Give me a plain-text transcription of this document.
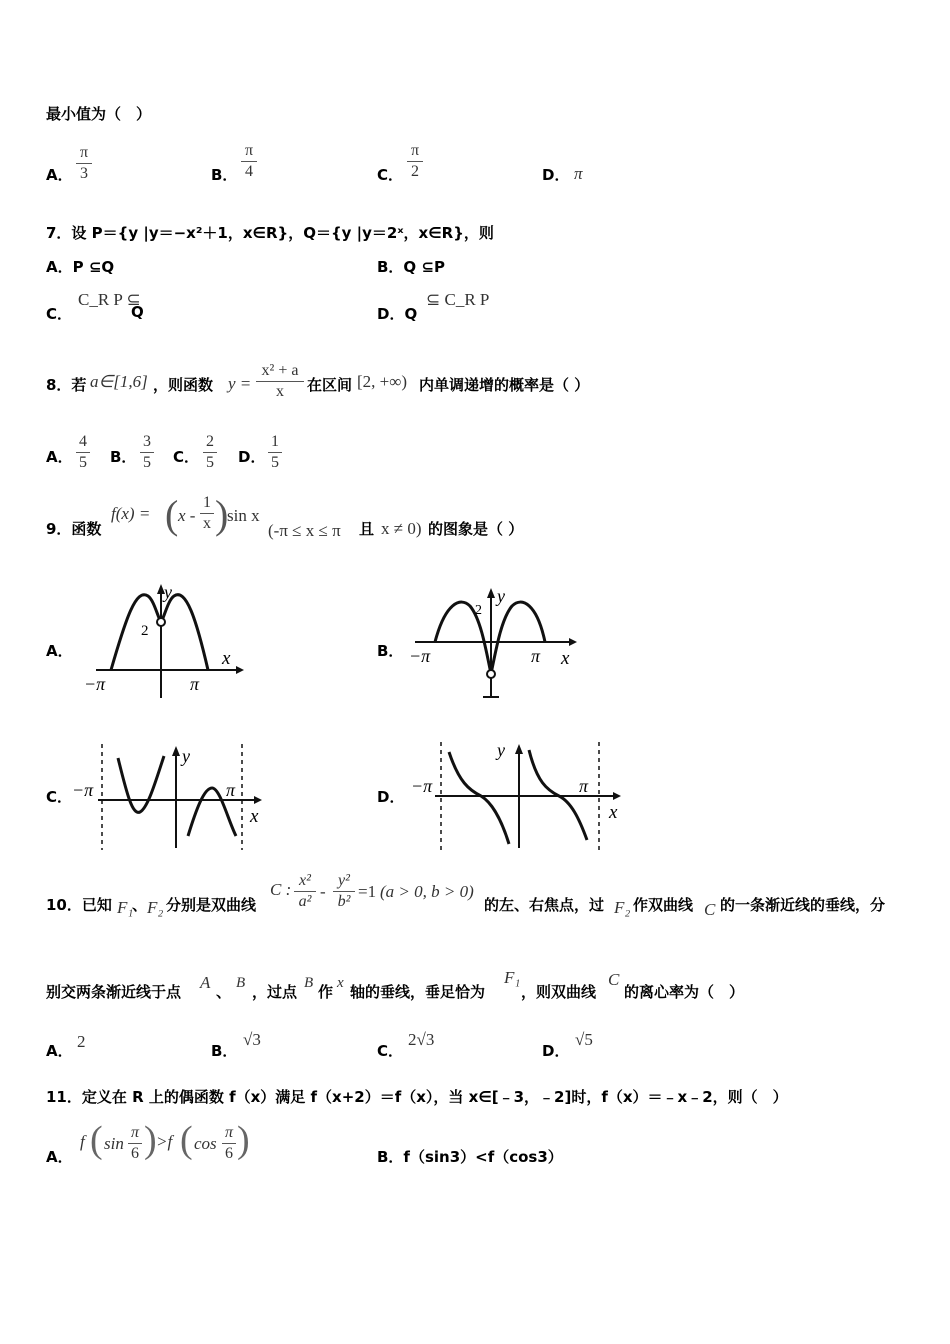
最小值为（　）
A．
π
3	B．
π
4	C．
π
2	D． π
7．设 P＝{y |y＝−x²＋1，x∈R}，Q＝{y |y＝2ˣ，x∈R}，则
A．P ⊆Q	B．Q ⊆P
C．
C_R P ⊆
Q	D．Q
⊆ C_R P
8．若 a∈[1,6] ，则函数 y =
x² + a
x	在区间 [2, +∞) 内单调递增的概率是（ ）
A．
4
5 B．
3
5 C．
2
5 D．
1
5
9．函数
f(x) = ( x -
1
x )
sin x
(-π ≤ x ≤ π 且 x ≠ 0) 的图象是（ ）
A．	B．
C．	D．
2
y
x
−π	π
2
y
x
−π	π
y
x
−π	π
y
x
−π	π
10．已知 F₁
、 F₂ 分别是双曲线
C : x²
a²
-
y²
b²
=1 (a > 0, b > 0)
的左、右焦点，过 F₂ 作双曲线 C 的一条渐近线的垂线，分
别交两条渐近线于点 A 、 B ，过点 B 作 x 轴的垂线，垂足恰为
F₁
，则双曲线
C
的离心率为（　）
A． 2	B．
√3
C．
2√3
D．
√5
11．定义在 R 上的偶函数 f（x）满足 f（x+2）＝f（x），当 x∈[﹣3，﹣2]时，f（x）＝﹣x﹣2，则（　）
A．
f ( sin
π
6 ) >f ( cos
π
6 )	B．f（sin3）<f（cos3）
